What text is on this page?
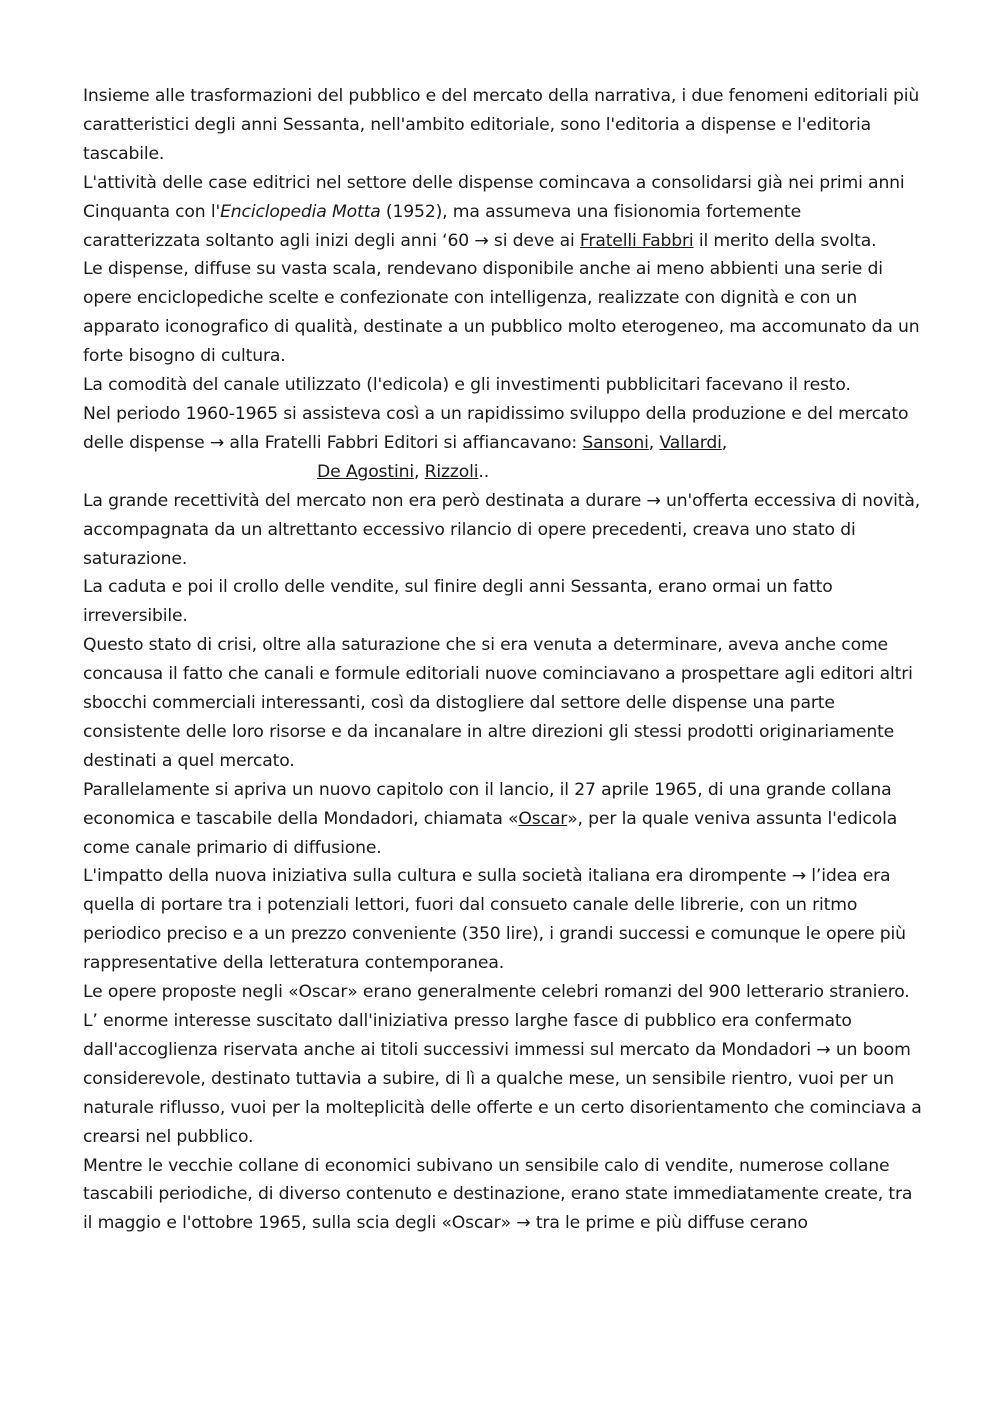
Insieme alle trasformazioni del pubblico e del mercato della narrativa, i due fenomeni editoriali più caratteristici degli anni Sessanta, nell'ambito editoriale, sono l'editoria a dispense e l'editoria tascabile.

L'attività delle case editrici nel settore delle dispense comincava a consolidarsi già nei primi anni Cinquanta con l'Enciclopedia Motta (1952), ma assumeva una fisionomia fortemente caratterizzata soltanto agli inizi degli anni ‘60 → si deve ai Fratelli Fabbri il merito della svolta.

Le dispense, diffuse su vasta scala, rendevano disponibile anche ai meno abbienti una serie di opere enciclopediche scelte e confezionate con intelligenza, realizzate con dignità e con un apparato iconografico di qualità, destinate a un pubblico molto eterogeneo, ma accomunato da un forte bisogno di cultura.

La comodità del canale utilizzato (l'edicola) e gli investimenti pubblicitari facevano il resto.

Nel periodo 1960-1965 si assisteva così a un rapidissimo sviluppo della produzione e del mercato delle dispense → alla Fratelli Fabbri Editori si affiancavano: Sansoni, Vallardi,
De Agostini, Rizzoli..

La grande recettività del mercato non era però destinata a durare → un'offerta eccessiva di novità, accompagnata da un altrettanto eccessivo rilancio di opere precedenti, creava uno stato di saturazione.

La caduta e poi il crollo delle vendite, sul finire degli anni Sessanta, erano ormai un fatto irreversibile.

Questo stato di crisi, oltre alla saturazione che si era venuta a determinare, aveva anche come concausa il fatto che canali e formule editoriali nuove cominciavano a prospettare agli editori altri sbocchi commerciali interessanti, così da distogliere dal settore delle dispense una parte consistente delle loro risorse e da incanalare in altre direzioni gli stessi prodotti originariamente destinati a quel mercato.

Parallelamente si apriva un nuovo capitolo con il lancio, il 27 aprile 1965, di una grande collana economica e tascabile della Mondadori, chiamata «Oscar», per la quale veniva assunta l'edicola come canale primario di diffusione.

L'impatto della nuova iniziativa sulla cultura e sulla società italiana era dirompente → l’idea era quella di portare tra i potenziali lettori, fuori dal consueto canale delle librerie, con un ritmo periodico preciso e a un prezzo conveniente (350 lire), i grandi successi e comunque le opere più rappresentative della letteratura contemporanea.

Le opere proposte negli «Oscar» erano generalmente celebri romanzi del 900 letterario straniero.

L’ enorme interesse suscitato dall'iniziativa presso larghe fasce di pubblico era confermato dall'accoglienza riservata anche ai titoli successivi immessi sul mercato da Mondadori → un boom considerevole, destinato tuttavia a subire, di lì a qualche mese, un sensibile rientro, vuoi per un naturale riflusso, vuoi per la molteplicità delle offerte e un certo disorientamento che cominciava a crearsi nel pubblico.

Mentre le vecchie collane di economici subivano un sensibile calo di vendite, numerose collane tascabili periodiche, di diverso contenuto e destinazione, erano state immediatamente create, tra il maggio e l'ottobre 1965, sulla scia degli «Oscar» → tra le prime e più diffuse cerano
